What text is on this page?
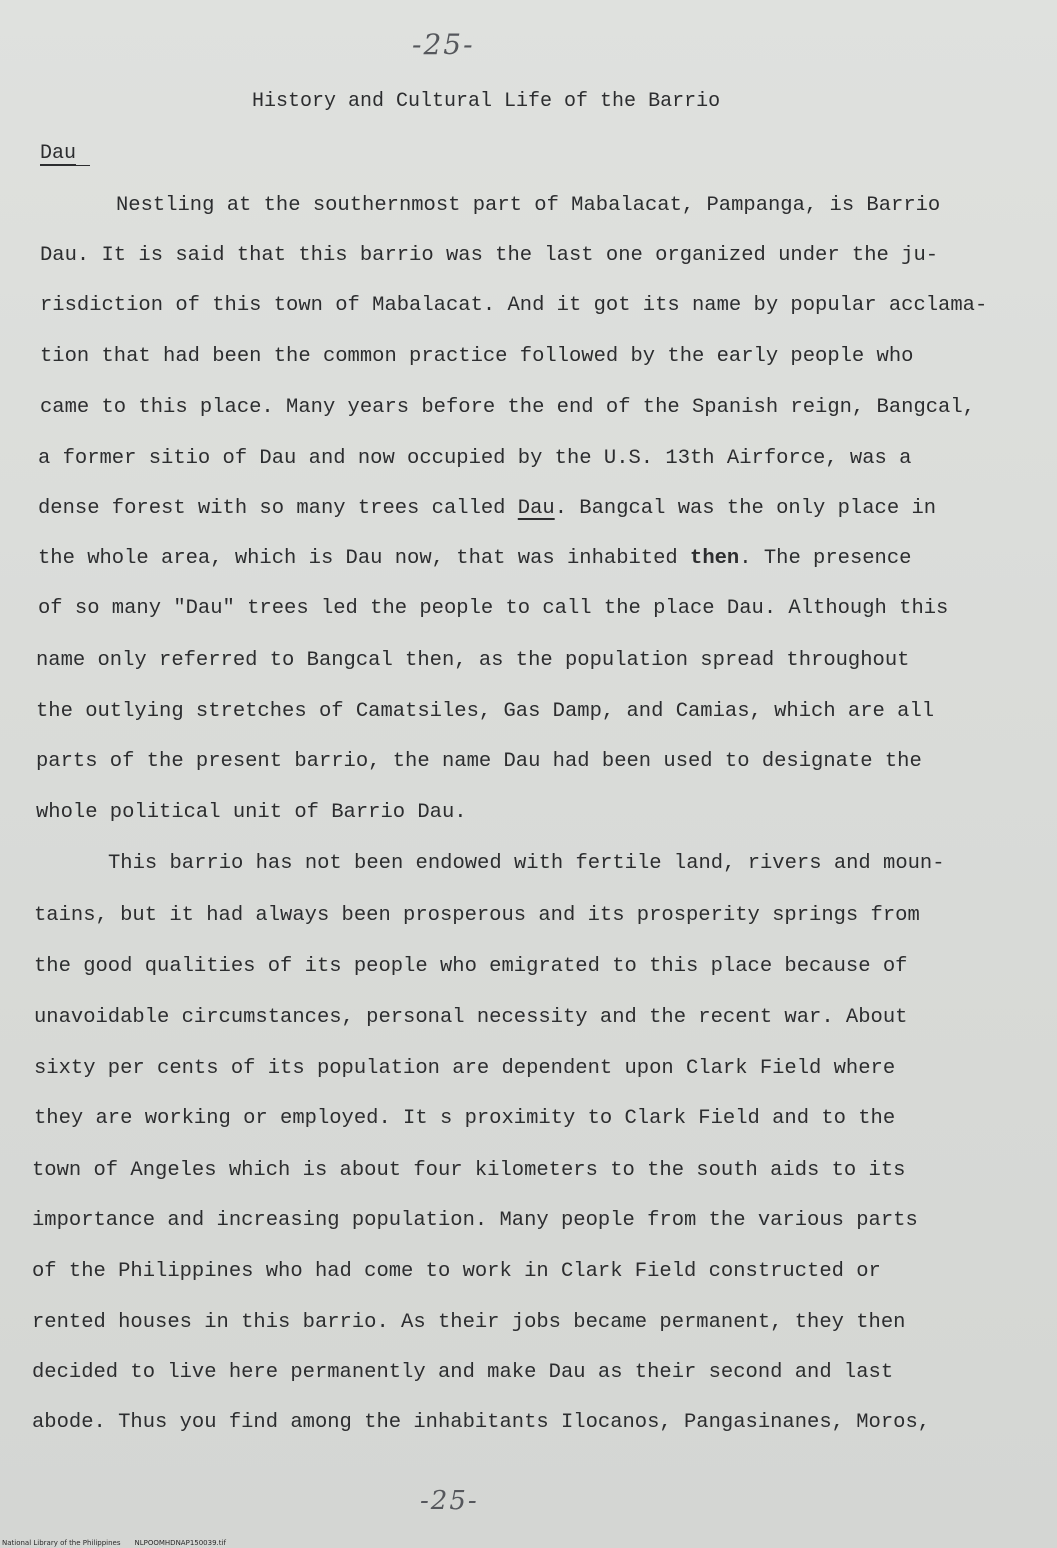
-25-
History and Cultural Life of the Barrio
Dau
Nestling at the southernmost part of Mabalacat, Pampanga, is Barrio
Dau. It is said that this barrio was the last one organized under the ju-
risdiction of this town of Mabalacat. And it got its name by popular acclama-
tion that had been the common practice followed by the early people who
came to this place. Many years before the end of the Spanish reign, Bangcal,
a former sitio of Dau and now occupied by the U.S. 13th Airforce, was a
dense forest with so many trees called Dau. Bangcal was the only place in
the whole area, which is Dau now, that was inhabited then. The presence
of so many "Dau" trees led the people to call the place Dau. Although this
name only referred to Bangcal then, as the population spread throughout
the outlying stretches of Camatsiles, Gas Damp, and Camias, which are all
parts of the present barrio, the name Dau had been used to designate the
whole political unit of Barrio Dau.
This barrio has not been endowed with fertile land, rivers and moun-
tains, but it had always been prosperous and its prosperity springs from
the good qualities of its people who emigrated to this place because of
unavoidable circumstances, personal necessity and the recent war. About
sixty per cents of its population are dependent upon Clark Field where
they are working or employed. It s proximity to Clark Field and to the
town of Angeles which is about four kilometers to the south aids to its
importance and increasing population. Many people from the various parts
of the Philippines who had come to work in Clark Field constructed or
rented houses in this barrio. As their jobs became permanent, they then
decided to live here permanently and make Dau as their second and last
abode. Thus you find among the inhabitants Ilocanos, Pangasinanes, Moros,
-25-
National Library of the Philippines NLPOOMHDNAP150039.tif
